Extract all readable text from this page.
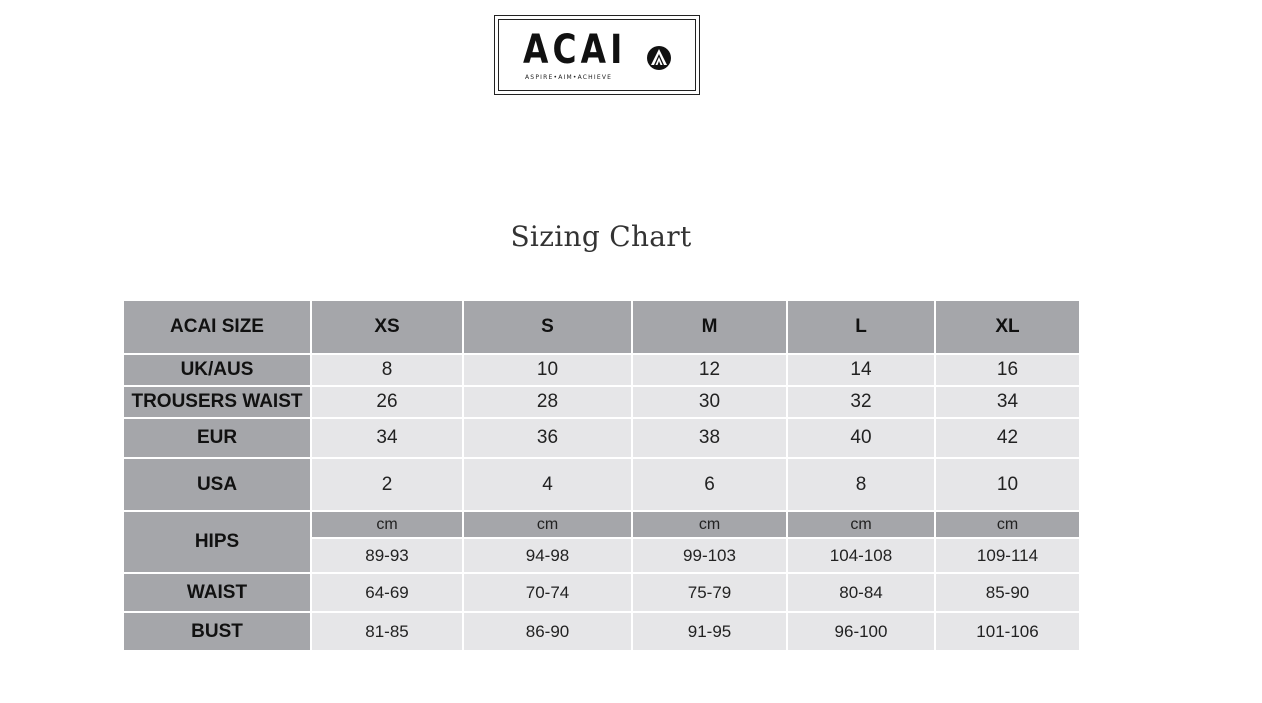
ACAI
ASPIRE•AIM•ACHIEVE
Sizing Chart
ACAI SIZE	XS	S	M	L	XL
UK/AUS	8	10	12	14	16
TROUSERS WAIST	26	28	30	32	34
EUR	34	36	38	40	42
USA	2	4	6	8	10
HIPS	cm	cm	cm	cm	cm
	89-93	94-98	99-103	104-108	109-114
WAIST	64-69	70-74	75-79	80-84	85-90
BUST	81-85	86-90	91-95	96-100	101-106
